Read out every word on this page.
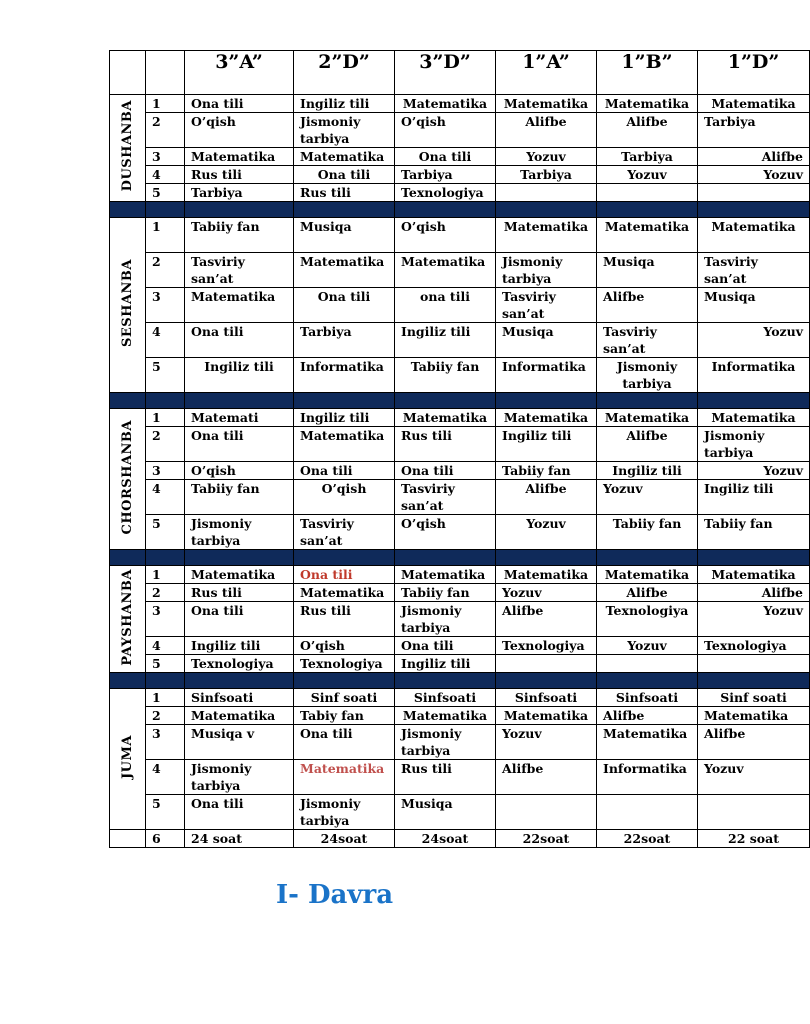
		3”A”	2”D”	3”D”	1”A”	1”B”	1”D”
DUSHANBA	1	Ona tili	Ingiliz tili	Matematika	Matematika	Matematika	Matematika
	2	O’qish	Jismoniy tarbiya	O’qish	Alifbe	Alifbe	Tarbiya
	3	Matematika	Matematika	Ona tili	Yozuv	Tarbiya	Alifbe
	4	Rus tili	Ona tili	Tarbiya	Tarbiya	Yozuv	Yozuv
	5	Tarbiya	Rus tili	Texnologiya			

SESHANBA	1	Tabiiy fan	Musiqa	O’qish	Matematika	Matematika	Matematika
	2	Tasviriy san’at	Matematika	Matematika	Jismoniy tarbiya	Musiqa	Tasviriy san’at
	3	Matematika	Ona tili	ona tili	Tasviriy san’at	Alifbe	Musiqa
	4	Ona tili	Tarbiya	Ingiliz tili	Musiqa	Tasviriy san’at	Yozuv
	5	Ingiliz tili	Informatika	Tabiiy fan	Informatika	Jismoniy tarbiya	Informatika

CHORSHANBA	1	Matemati	Ingiliz tili	Matematika	Matematika	Matematika	Matematika
	2	Ona tili	Matematika	Rus tili	Ingiliz tili	Alifbe	Jismoniy tarbiya
	3	O’qish	Ona tili	Ona tili	Tabiiy fan	Ingiliz tili	Yozuv
	4	Tabiiy fan	O’qish	Tasviriy san’at	Alifbe	Yozuv	Ingiliz tili
	5	Jismoniy tarbiya	Tasviriy san’at	O’qish	Yozuv	Tabiiy fan	Tabiiy fan

PAYSHANBA	1	Matematika	Ona tili	Matematika	Matematika	Matematika	Matematika
	2	Rus tili	Matematika	Tabiiy fan	Yozuv	Alifbe	Alifbe
	3	Ona tili	Rus tili	Jismoniy tarbiya	Alifbe	Texnologiya	Yozuv
	4	Ingiliz tili	O’qish	Ona tili	Texnologiya	Yozuv	Texnologiya
	5	Texnologiya	Texnologiya	Ingiliz tili			

JUMA	1	Sinfsoati	Sinf soati	Sinfsoati	Sinfsoati	Sinfsoati	Sinf soati
	2	Matematika	Tabiy fan	Matematika	Matematika	Alifbe	Matematika
	3	Musiqa v	Ona tili	Jismoniy tarbiya	Yozuv	Matematika	Alifbe
	4	Jismoniy tarbiya	Matematika	Rus tili	Alifbe	Informatika	Yozuv
	5	Ona tili	Jismoniy tarbiya	Musiqa			
	6	24 soat	24soat	24soat	22soat	22soat	22 soat
I- Davra
